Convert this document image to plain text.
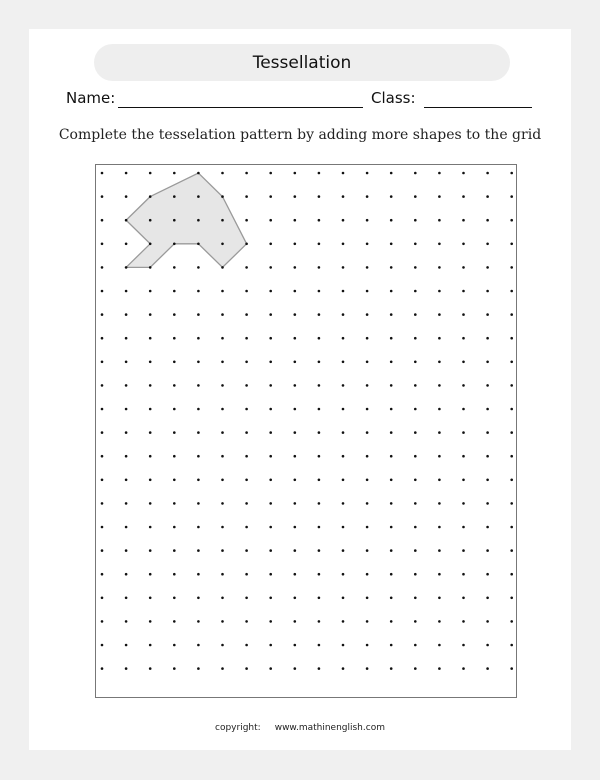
Tessellation
Name:	Class:
Complete the tesselation pattern by adding more shapes to the grid
copyright: www.mathinenglish.com
